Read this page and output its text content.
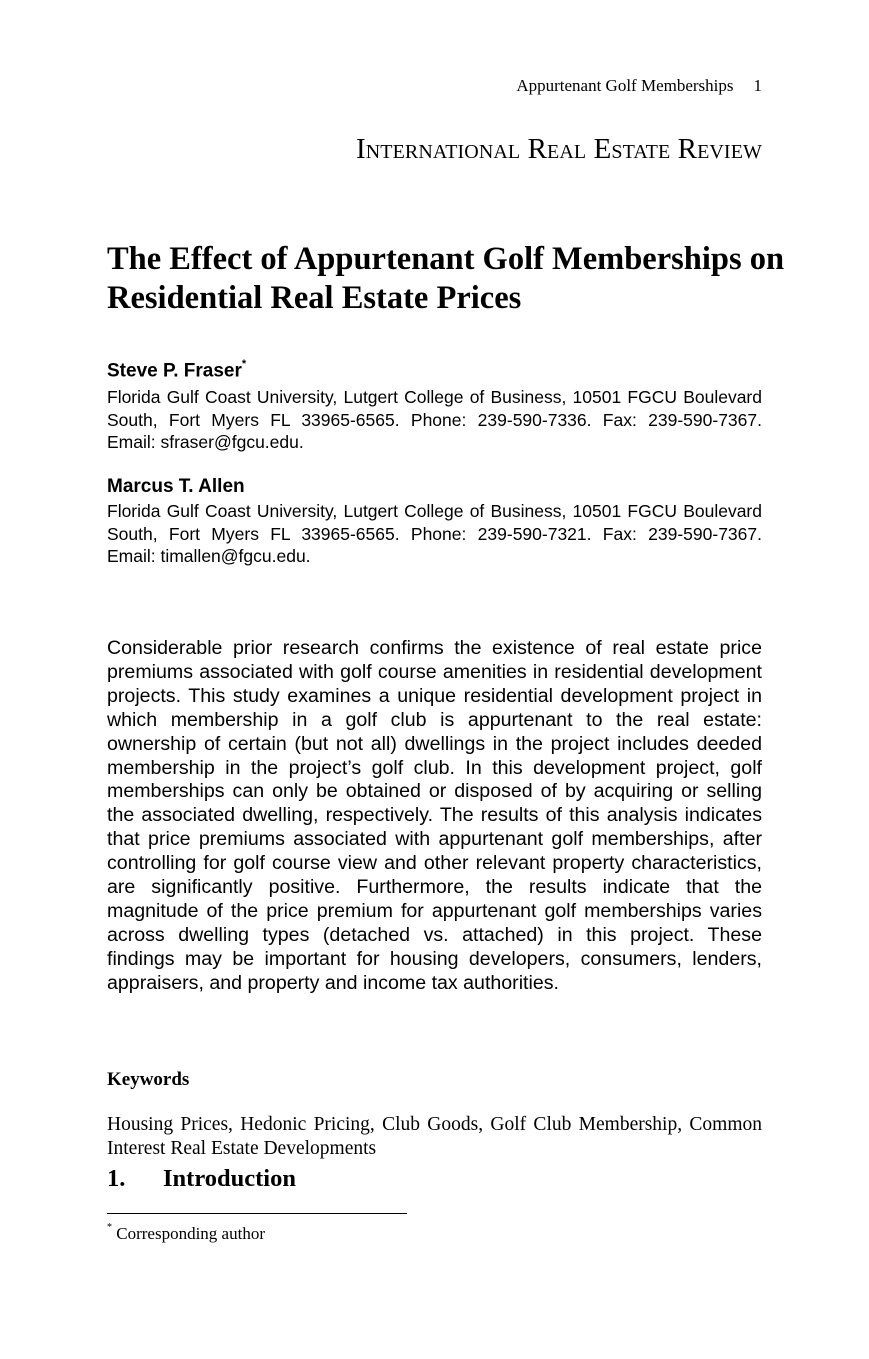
Appurtenant Golf Memberships 1
International Real Estate Review
The Effect of Appurtenant Golf Memberships on Residential Real Estate Prices
Steve P. Fraser*
Florida Gulf Coast University, Lutgert College of Business, 10501 FGCU Boulevard South, Fort Myers FL 33965-6565. Phone: 239-590-7336. Fax: 239-590-7367. Email: sfraser@fgcu.edu.
Marcus T. Allen
Florida Gulf Coast University, Lutgert College of Business, 10501 FGCU Boulevard South, Fort Myers FL 33965-6565. Phone: 239-590-7321. Fax: 239-590-7367. Email: timallen@fgcu.edu.
Considerable prior research confirms the existence of real estate price premiums associated with golf course amenities in residential development projects. This study examines a unique residential development project in which membership in a golf club is appurtenant to the real estate: ownership of certain (but not all) dwellings in the project includes deeded membership in the project’s golf club. In this development project, golf memberships can only be obtained or disposed of by acquiring or selling the associated dwelling, respectively. The results of this analysis indicates that price premiums associated with appurtenant golf memberships, after controlling for golf course view and other relevant property characteristics, are significantly positive. Furthermore, the results indicate that the magnitude of the price premium for appurtenant golf memberships varies across dwelling types (detached vs. attached) in this project. These findings may be important for housing developers, consumers, lenders, appraisers, and property and income tax authorities.
Keywords
Housing Prices, Hedonic Pricing, Club Goods, Golf Club Membership, Common Interest Real Estate Developments
1. Introduction
* Corresponding author
